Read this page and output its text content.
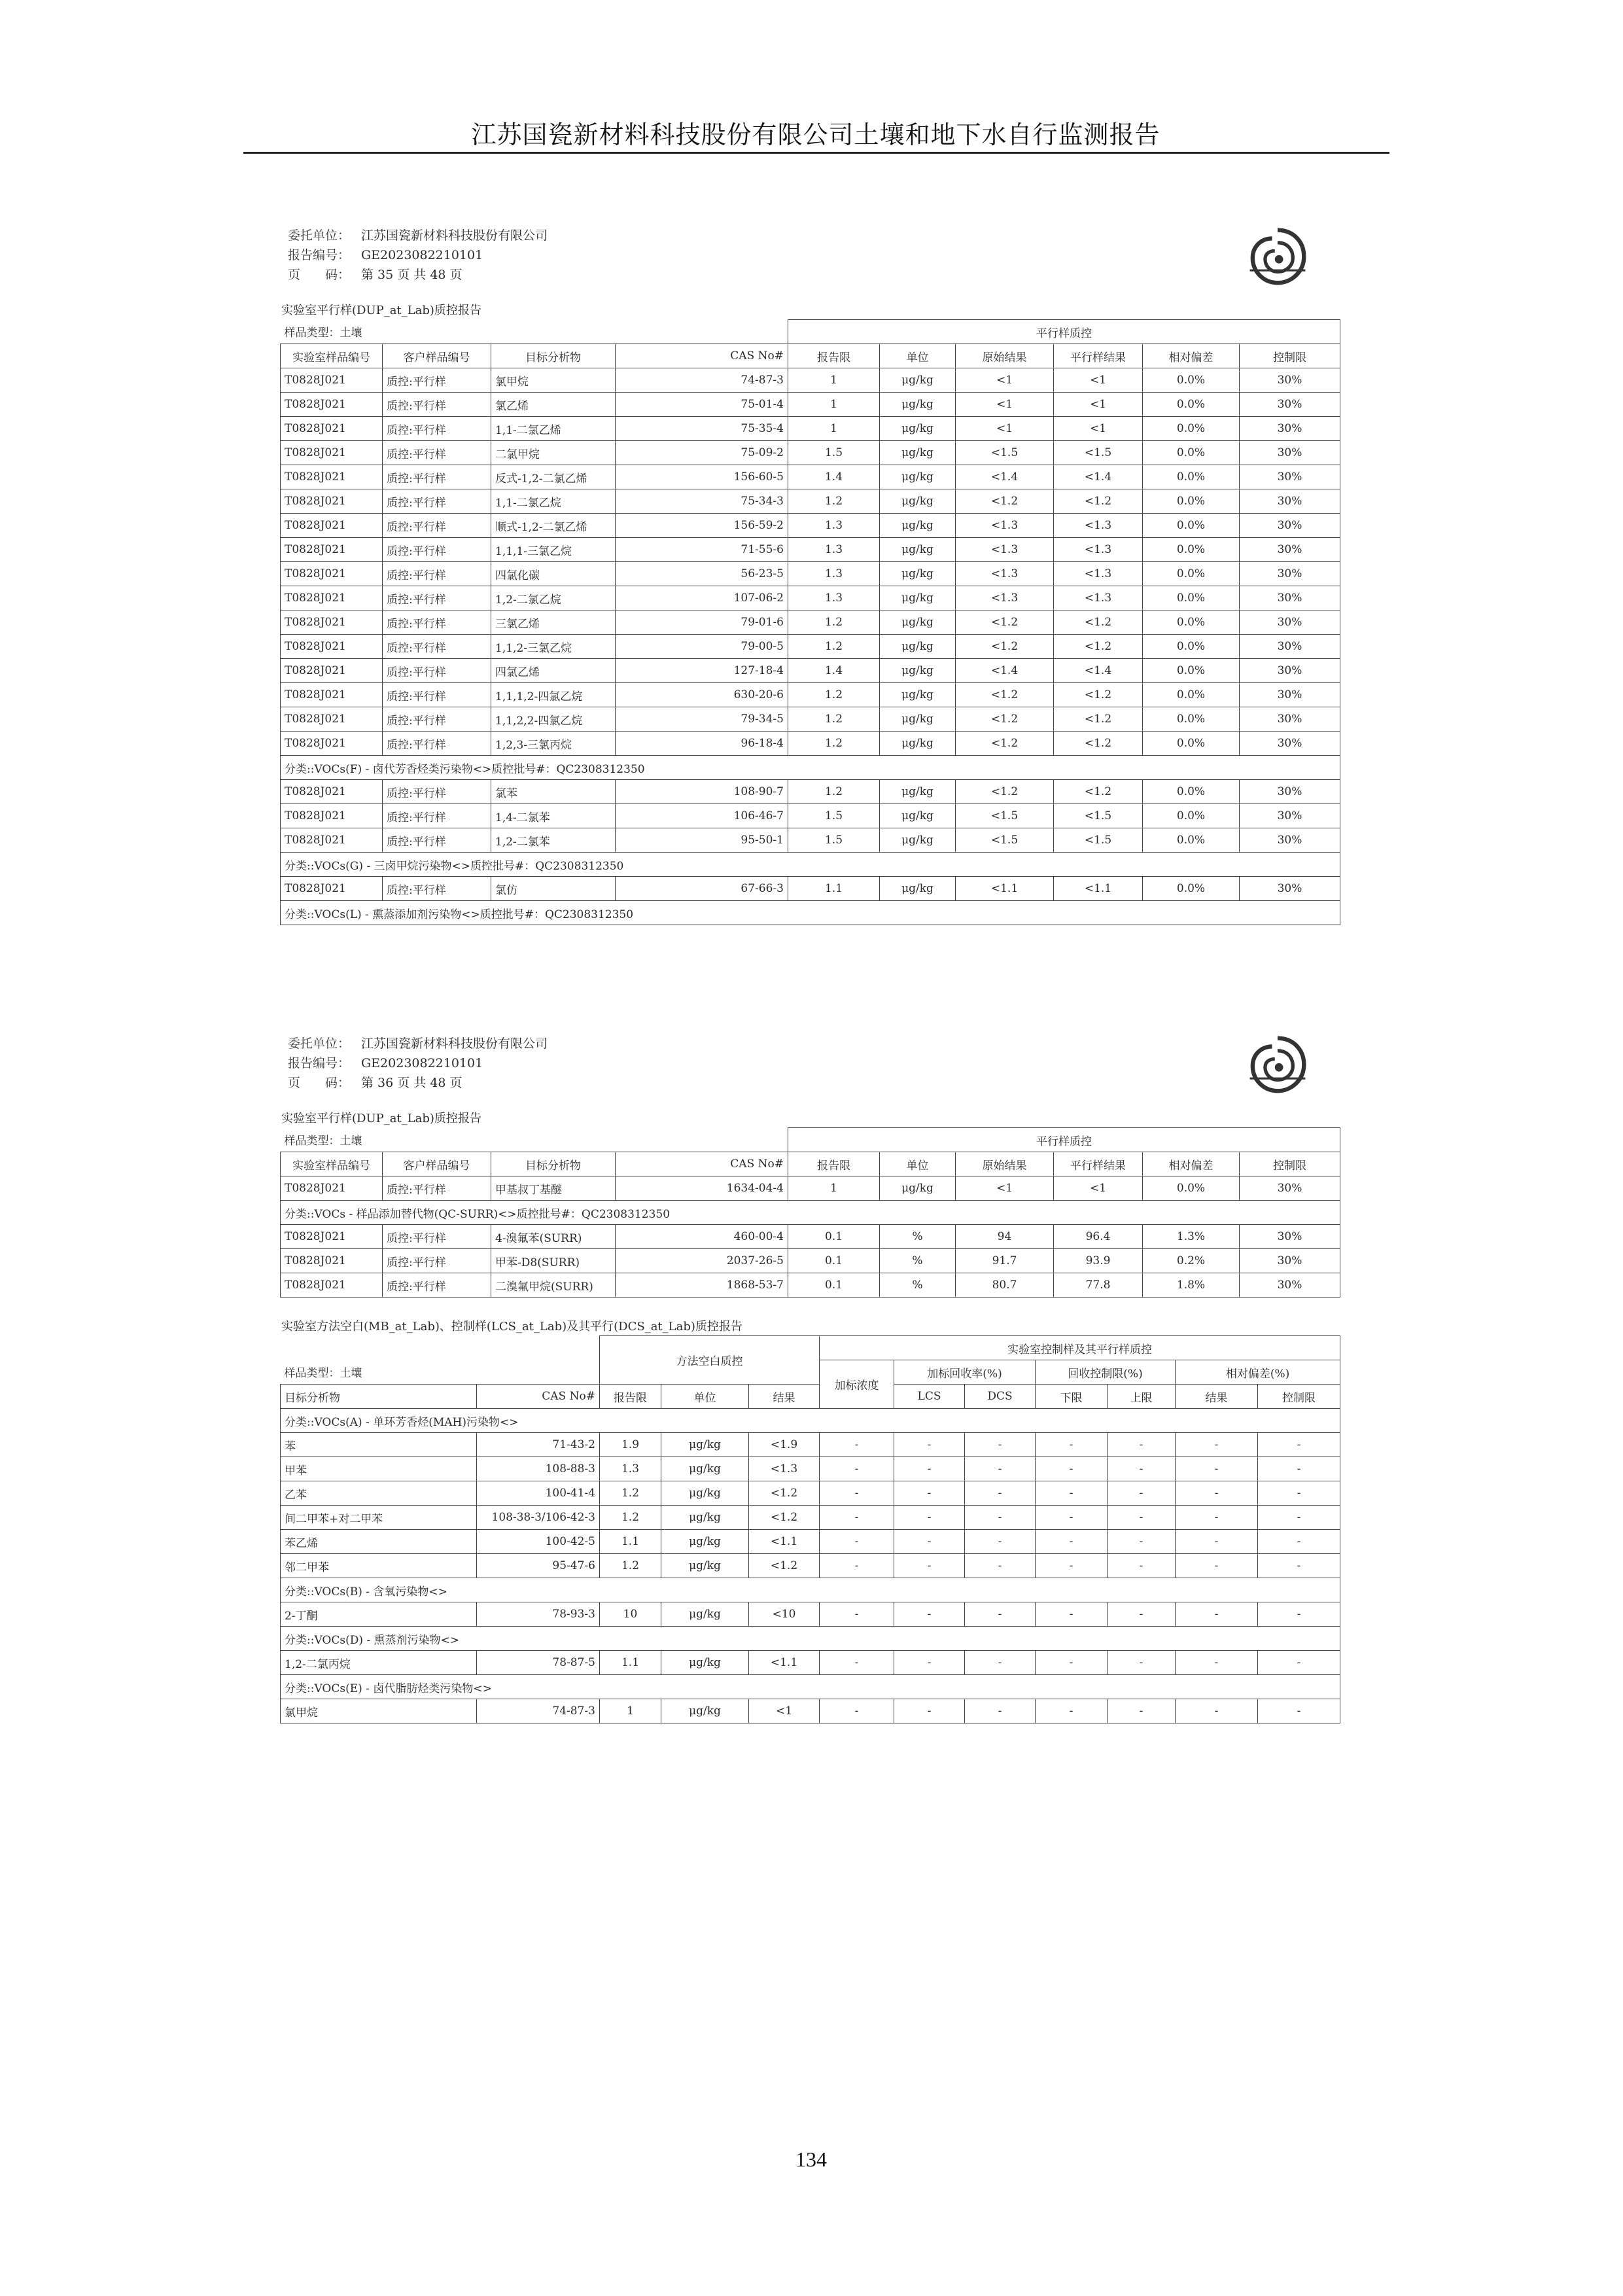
江苏国瓷新材料科技股份有限公司土壤和地下水自行监测报告
委托单位： 江苏国瓷新材料科技股份有限公司
报告编号： GE2023082210101
页　　码： 第 35 页 共 48 页
实验室平行样(DUP_at_Lab)质控报告
样品类型：土壤				平行样质控					
实验室样品编号	客户样品编号	目标分析物	CAS No#	报告限	单位	原始结果	平行样结果	相对偏差	控制限
T0828J021	质控:平行样	氯甲烷	74-87-3	1	μg/kg	<1	<1	0.0%	30%
T0828J021	质控:平行样	氯乙烯	75-01-4	1	μg/kg	<1	<1	0.0%	30%
T0828J021	质控:平行样	1,1-二氯乙烯	75-35-4	1	μg/kg	<1	<1	0.0%	30%
T0828J021	质控:平行样	二氯甲烷	75-09-2	1.5	μg/kg	<1.5	<1.5	0.0%	30%
T0828J021	质控:平行样	反式-1,2-二氯乙烯	156-60-5	1.4	μg/kg	<1.4	<1.4	0.0%	30%
T0828J021	质控:平行样	1,1-二氯乙烷	75-34-3	1.2	μg/kg	<1.2	<1.2	0.0%	30%
T0828J021	质控:平行样	顺式-1,2-二氯乙烯	156-59-2	1.3	μg/kg	<1.3	<1.3	0.0%	30%
T0828J021	质控:平行样	1,1,1-三氯乙烷	71-55-6	1.3	μg/kg	<1.3	<1.3	0.0%	30%
T0828J021	质控:平行样	四氯化碳	56-23-5	1.3	μg/kg	<1.3	<1.3	0.0%	30%
T0828J021	质控:平行样	1,2-二氯乙烷	107-06-2	1.3	μg/kg	<1.3	<1.3	0.0%	30%
T0828J021	质控:平行样	三氯乙烯	79-01-6	1.2	μg/kg	<1.2	<1.2	0.0%	30%
T0828J021	质控:平行样	1,1,2-三氯乙烷	79-00-5	1.2	μg/kg	<1.2	<1.2	0.0%	30%
T0828J021	质控:平行样	四氯乙烯	127-18-4	1.4	μg/kg	<1.4	<1.4	0.0%	30%
T0828J021	质控:平行样	1,1,1,2-四氯乙烷	630-20-6	1.2	μg/kg	<1.2	<1.2	0.0%	30%
T0828J021	质控:平行样	1,1,2,2-四氯乙烷	79-34-5	1.2	μg/kg	<1.2	<1.2	0.0%	30%
T0828J021	质控:平行样	1,2,3-三氯丙烷	96-18-4	1.2	μg/kg	<1.2	<1.2	0.0%	30%
分类::VOCs(F) - 卤代芳香烃类污染物<>质控批号#：QC2308312350									
T0828J021	质控:平行样	氯苯	108-90-7	1.2	μg/kg	<1.2	<1.2	0.0%	30%
T0828J021	质控:平行样	1,4-二氯苯	106-46-7	1.5	μg/kg	<1.5	<1.5	0.0%	30%
T0828J021	质控:平行样	1,2-二氯苯	95-50-1	1.5	μg/kg	<1.5	<1.5	0.0%	30%
分类::VOCs(G) - 三卤甲烷污染物<>质控批号#：QC2308312350									
T0828J021	质控:平行样	氯仿	67-66-3	1.1	μg/kg	<1.1	<1.1	0.0%	30%
分类::VOCs(L) - 熏蒸添加剂污染物<>质控批号#：QC2308312350									
委托单位： 江苏国瓷新材料科技股份有限公司
报告编号： GE2023082210101
页　　码： 第 36 页 共 48 页
实验室平行样(DUP_at_Lab)质控报告
样品类型：土壤				平行样质控					
实验室样品编号	客户样品编号	目标分析物	CAS No#	报告限	单位	原始结果	平行样结果	相对偏差	控制限
T0828J021	质控:平行样	甲基叔丁基醚	1634-04-4	1	μg/kg	<1	<1	0.0%	30%
分类::VOCs - 样品添加替代物(QC-SURR)<>质控批号#：QC2308312350									
T0828J021	质控:平行样	4-溴氟苯(SURR)	460-00-4	0.1	%	94	96.4	1.3%	30%
T0828J021	质控:平行样	甲苯-D8(SURR)	2037-26-5	0.1	%	91.7	93.9	0.2%	30%
T0828J021	质控:平行样	二溴氟甲烷(SURR)	1868-53-7	0.1	%	80.7	77.8	1.8%	30%
实验室方法空白(MB_at_Lab)、控制样(LCS_at_Lab)及其平行(DCS_at_Lab)质控报告
		方法空白质控			实验室控制样及其平行样质控						
样品类型：土壤					加标浓度	加标回收率(%)		回收控制限(%)		相对偏差(%)	
目标分析物	CAS No#	报告限	单位	结果		LCS	DCS	下限	上限	结果	控制限
分类::VOCs(A) - 单环芳香烃(MAH)污染物<>											
苯	71-43-2	1.9	μg/kg	<1.9	-	-	-	-	-	-	-
甲苯	108-88-3	1.3	μg/kg	<1.3	-	-	-	-	-	-	-
乙苯	100-41-4	1.2	μg/kg	<1.2	-	-	-	-	-	-	-
间二甲苯+对二甲苯	108-38-3/106-42-3	1.2	μg/kg	<1.2	-	-	-	-	-	-	-
苯乙烯	100-42-5	1.1	μg/kg	<1.1	-	-	-	-	-	-	-
邻二甲苯	95-47-6	1.2	μg/kg	<1.2	-	-	-	-	-	-	-
分类::VOCs(B) - 含氧污染物<>											
2-丁酮	78-93-3	10	μg/kg	<10	-	-	-	-	-	-	-
分类::VOCs(D) - 熏蒸剂污染物<>											
1,2-二氯丙烷	78-87-5	1.1	μg/kg	<1.1	-	-	-	-	-	-	-
分类::VOCs(E) - 卤代脂肪烃类污染物<>											
氯甲烷	74-87-3	1	μg/kg	<1	-	-	-	-	-	-	-
134
